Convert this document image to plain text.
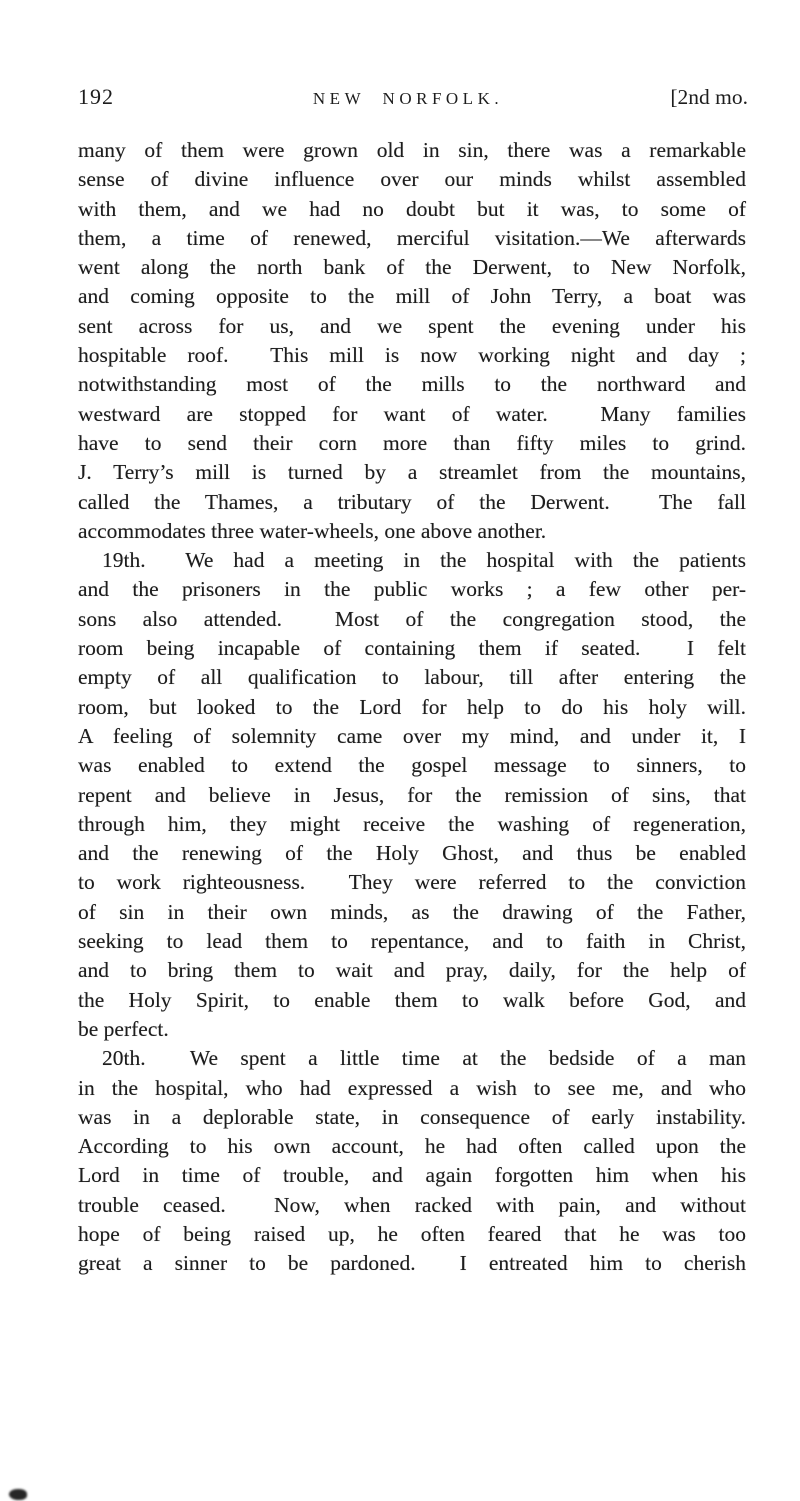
192	NEW NORFOLK.	[2nd mo.
many of them were grown old in sin, there was a remarkable
sense of divine influence over our minds whilst assembled
with them, and we had no doubt but it was, to some of
them, a time of renewed, merciful visitation.—We afterwards
went along the north bank of the Derwent, to New Norfolk,
and coming opposite to the mill of John Terry, a boat was
sent across for us, and we spent the evening under his
hospitable roof.  This mill is now working night and day ;
notwithstanding most of the mills to the northward and
westward are stopped for want of water.  Many families
have to send their corn more than fifty miles to grind.
J. Terry’s mill is turned by a streamlet from the mountains,
called the Thames, a tributary of the Derwent.  The fall
accommodates three water-wheels, one above another.
19th.  We had a meeting in the hospital with the patients
and the prisoners in the public works ; a few other per-
sons also attended.  Most of the congregation stood, the
room being incapable of containing them if seated.  I felt
empty of all qualification to labour, till after entering the
room, but looked to the Lord for help to do his holy will.
A feeling of solemnity came over my mind, and under it, I
was enabled to extend the gospel message to sinners, to
repent and believe in Jesus, for the remission of sins, that
through him, they might receive the washing of regeneration,
and the renewing of the Holy Ghost, and thus be enabled
to work righteousness.  They were referred to the conviction
of sin in their own minds, as the drawing of the Father,
seeking to lead them to repentance, and to faith in Christ,
and to bring them to wait and pray, daily, for the help of
the Holy Spirit, to enable them to walk before God, and
be perfect.
20th.  We spent a little time at the bedside of a man
in the hospital, who had expressed a wish to see me, and who
was in a deplorable state, in consequence of early instability.
According to his own account, he had often called upon the
Lord in time of trouble, and again forgotten him when his
trouble ceased.  Now, when racked with pain, and without
hope of being raised up, he often feared that he was too
great a sinner to be pardoned.  I entreated him to cherish
